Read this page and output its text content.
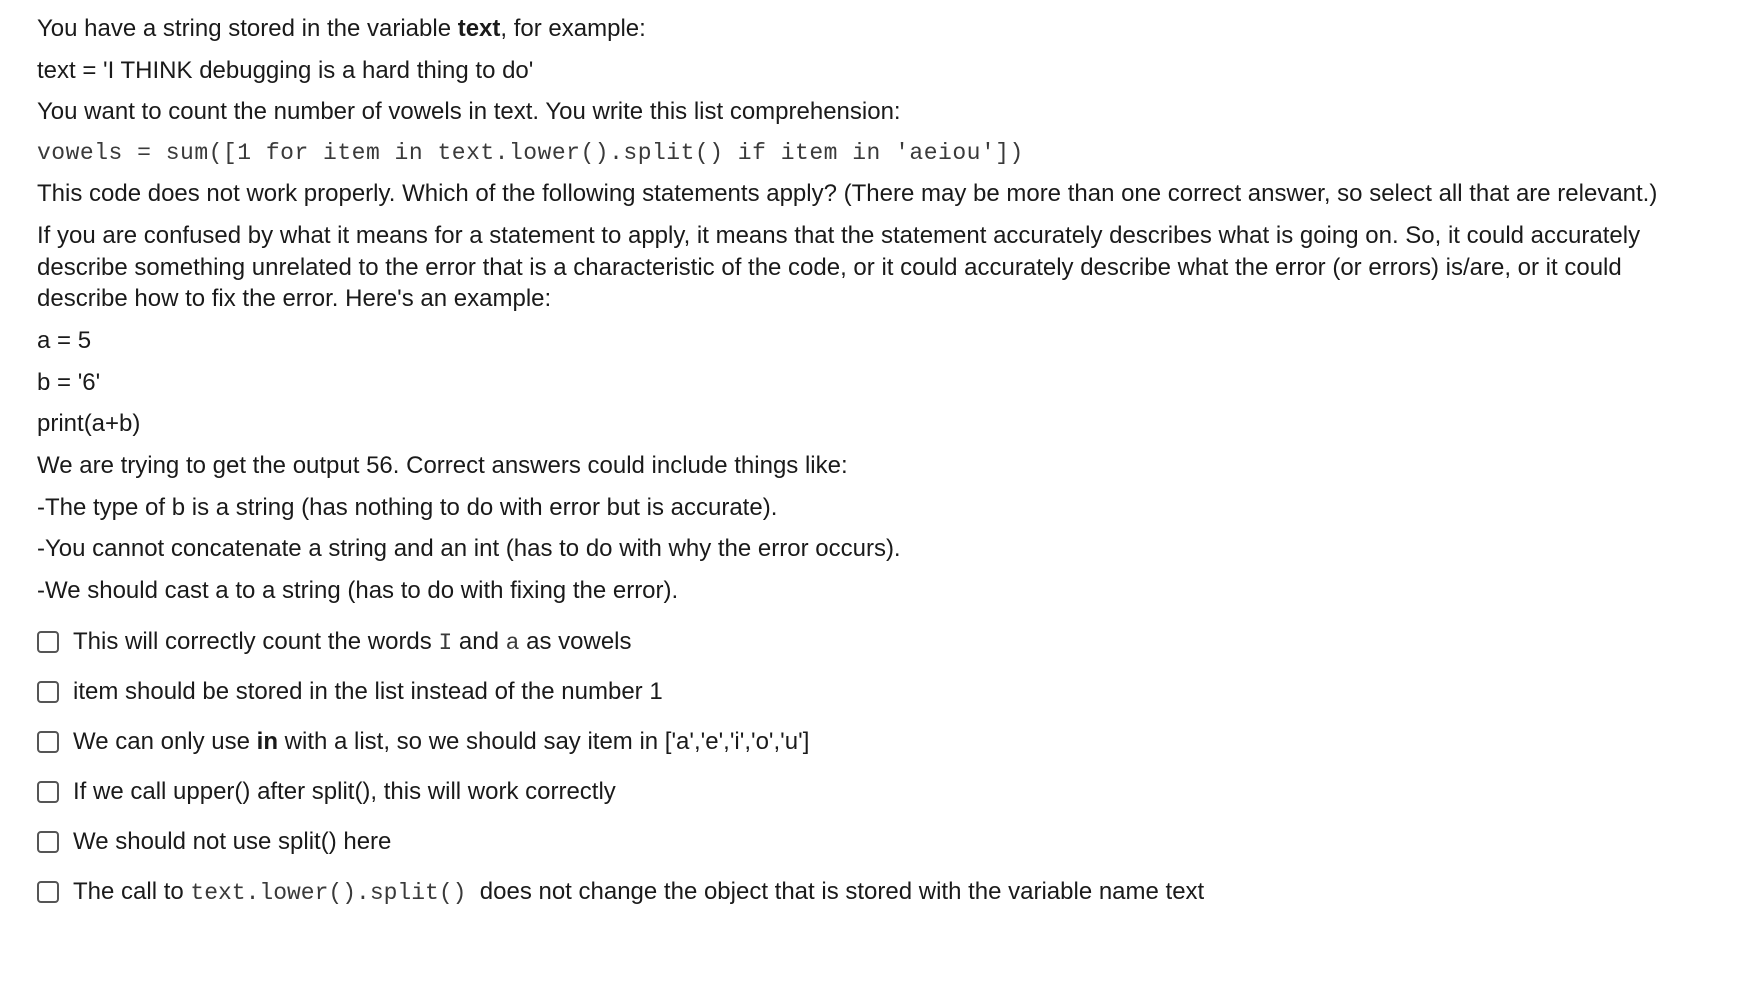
You have a string stored in the variable text, for example:

text = 'I THINK debugging is a hard thing to do'

You want to count the number of vowels in text. You write this list comprehension:

vowels = sum([1 for item in text.lower().split() if item in 'aeiou'])

This code does not work properly. Which of the following statements apply? (There may be more than one correct answer, so select all that are relevant.)

If you are confused by what it means for a statement to apply, it means that the statement accurately describes what is going on. So, it could accurately describe something unrelated to the error that is a characteristic of the code, or it could accurately describe what the error (or errors) is/are, or it could describe how to fix the error. Here's an example:

a = 5

b = '6'

print(a+b)

We are trying to get the output 56. Correct answers could include things like:

-The type of b is a string (has nothing to do with error but is accurate).

-You cannot concatenate a string and an int (has to do with why the error occurs).

-We should cast a to a string (has to do with fixing the error).

This will correctly count the words I and a as vowels
item should be stored in the list instead of the number 1
We can only use in with a list, so we should say item in ['a','e','i','o','u']
If we call upper() after split(), this will work correctly
We should not use split() here
The call to text.lower().split()  does not change the object that is stored with the variable name text
